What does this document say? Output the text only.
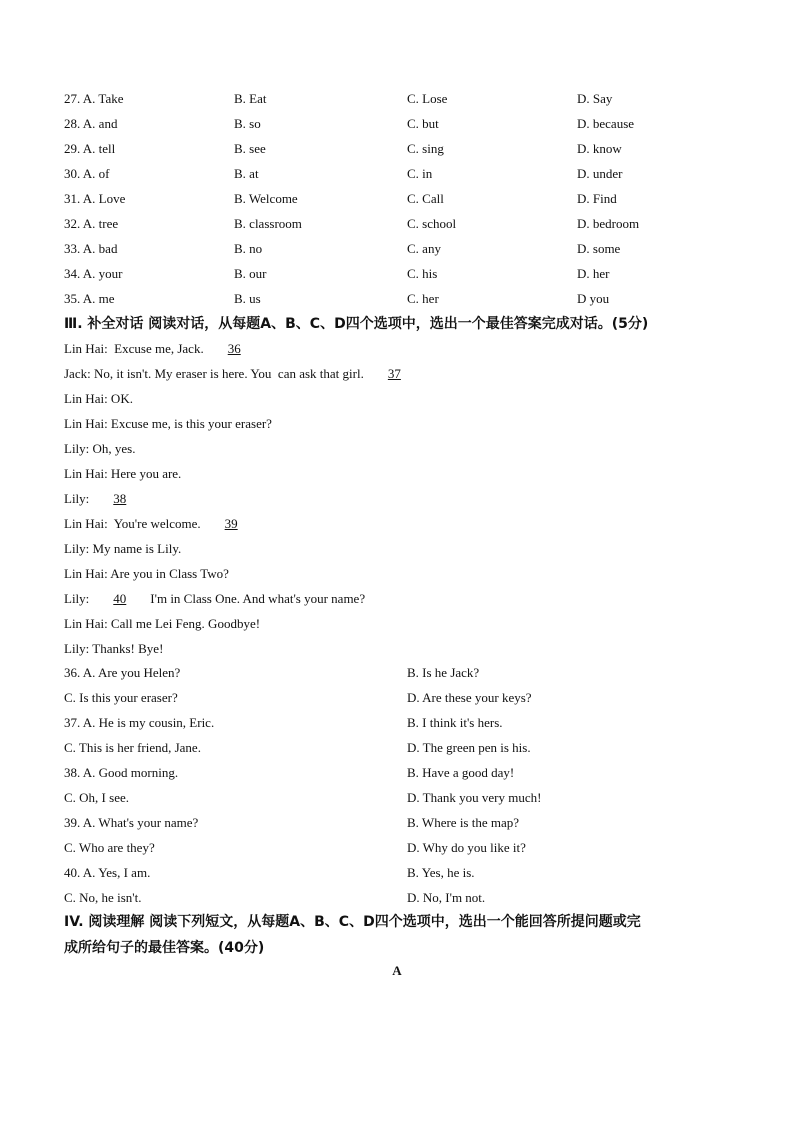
27. A. Take	B. Eat	C. Lose	D. Say
28. A. and	B. so	C. but	D. because
29. A. tell	B. see	C. sing	D. know
30. A. of	B. at	C. in	D. under
31. A. Love	B. Welcome	C. Call	D. Find
32. A. tree	B. classroom	C. school	D. bedroom
33. A. bad	B. no	C. any	D. some
34. A. your	B. our	C. his	D. her
35. A. me	B. us	C. her	D you
Ⅲ. 补全对话 阅读对话，从每题A、B、C、D四个选项中，选出一个最佳答案完成对话。(5分)
Lin Hai:  Excuse me, Jack.  36
Jack: No, it isn't. My eraser is here. You  can ask that girl.  37
Lin Hai: OK.
Lin Hai: Excuse me, is this your eraser?
Lily: Oh, yes.
Lin Hai: Here you are.
Lily:  38
Lin Hai:  You're welcome.  39
Lily: My name is Lily.
Lin Hai: Are you in Class Two?
Lily:  40  I'm in Class One. And what's your name?
Lin Hai: Call me Lei Feng. Goodbye!
Lily: Thanks! Bye!
36. A. Are you Helen?	B. Is he Jack?
C. Is this your eraser?	D. Are these your keys?
37. A. He is my cousin, Eric.	B. I think it's hers.
C. This is her friend, Jane.	D. The green pen is his.
38. A. Good morning.	B. Have a good day!
C. Oh, I see.	D. Thank you very much!
39. A. What's your name?	B. Where is the map?
C. Who are they?	D. Why do you like it?
40. A. Yes, I am.	B. Yes, he is.
C. No, he isn't.	D. No, I'm not.
IV. 阅读理解 阅读下列短文，从每题A、B、C、D四个选项中，选出一个能回答所提问题或完
成所给句子的最佳答案。(40分)
A
